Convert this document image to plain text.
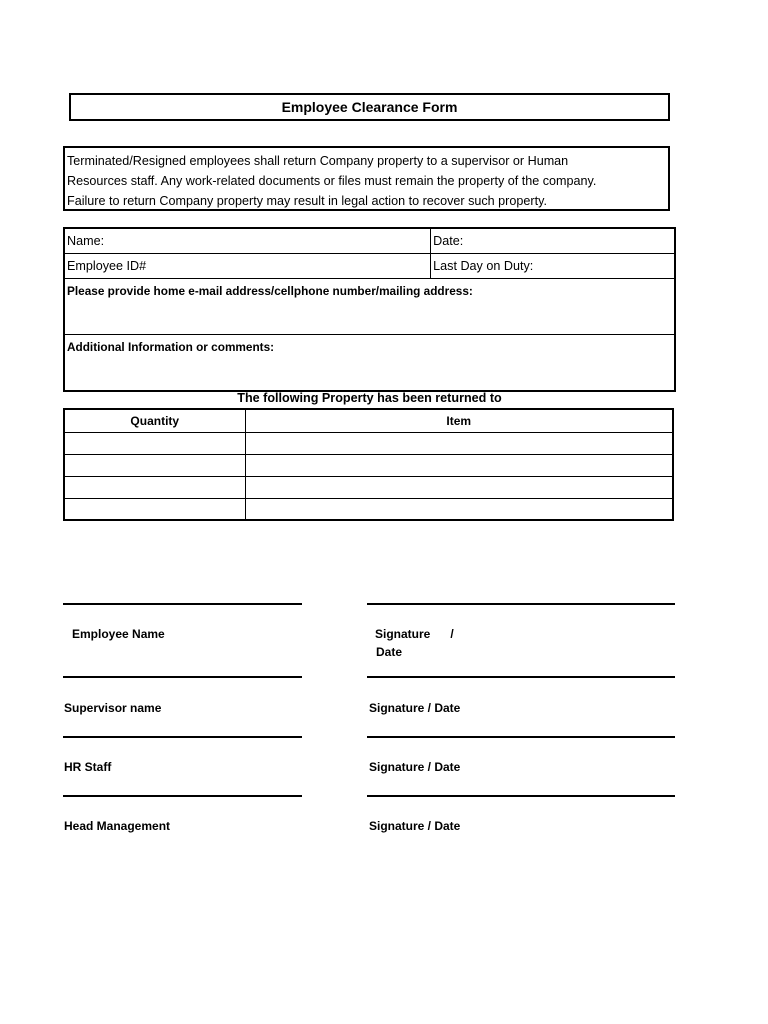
Employee Clearance Form
Terminated/Resigned employees shall return Company property to a supervisor or Human
Resources staff. Any work-related documents or files must remain the property of the company.
Failure to return Company property may result in legal action to recover such property.
Name:	Date:
Employee ID#	Last Day on Duty:
Please provide home e-mail address/cellphone number/mailing address:	
Additional Information or comments:	
The following Property has been returned to
Quantity	Item

Employee Name	Signature      /
Date
Supervisor name	Signature / Date
HR Staff	Signature / Date
Head Management	Signature / Date
